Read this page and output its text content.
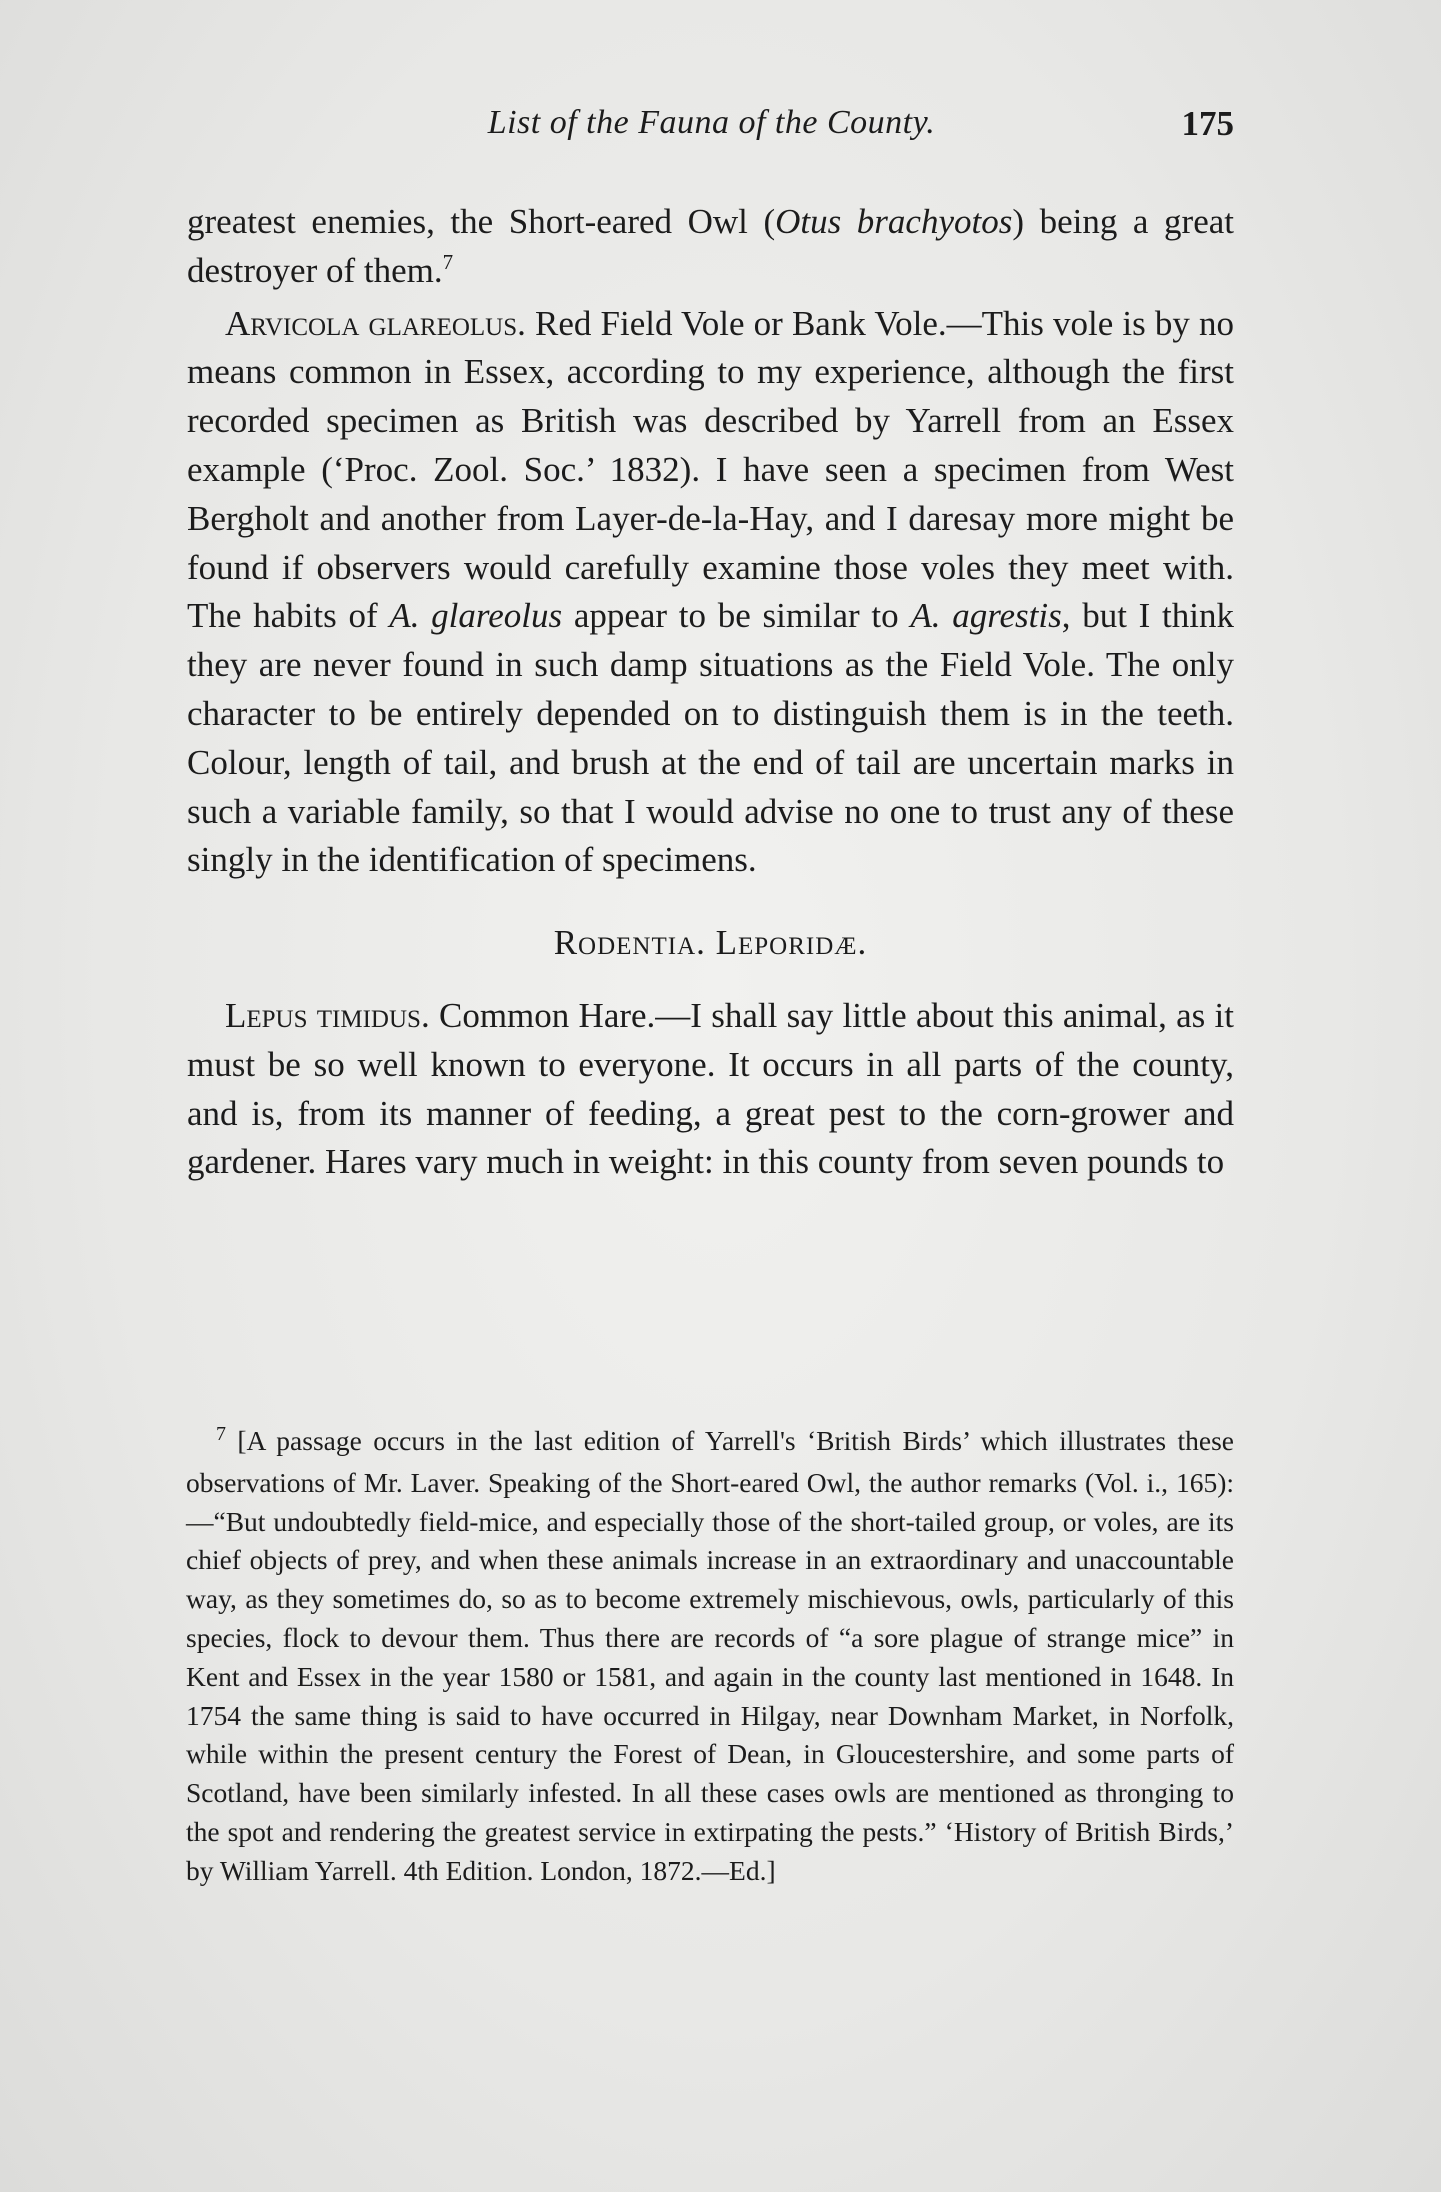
List of the Fauna of the County.	175

greatest enemies, the Short-eared Owl (Otus brachyotos) being a great destroyer of them.$^7$

Arvicola glareolus. Red Field Vole or Bank Vole.—This vole is by no means common in Essex, according to my experience, although the first recorded specimen as British was described by Yarrell from an Essex example (‘Proc. Zool. Soc.’ 1832). I have seen a specimen from West Bergholt and another from Layer-de-la-Hay, and I daresay more might be found if observers would carefully examine those voles they meet with. The habits of A. glareolus appear to be similar to A. agrestis, but I think they are never found in such damp situations as the Field Vole. The only character to be entirely depended on to distinguish them is in the teeth. Colour, length of tail, and brush at the end of tail are uncertain marks in such a variable family, so that I would advise no one to trust any of these singly in the identification of specimens.

Rodentia. Leporidæ.

Lepus timidus. Common Hare.—I shall say little about this animal, as it must be so well known to everyone. It occurs in all parts of the county, and is, from its manner of feeding, a great pest to the corn-grower and gardener. Hares vary much in weight: in this county from seven pounds to

$^7$ [A passage occurs in the last edition of Yarrell's ‘British Birds’ which illustrates these observations of Mr. Laver. Speaking of the Short-eared Owl, the author remarks (Vol. i., 165):—“But undoubtedly field-mice, and especially those of the short-tailed group, or voles, are its chief objects of prey, and when these animals increase in an extraordinary and unaccountable way, as they sometimes do, so as to become extremely mischievous, owls, particularly of this species, flock to devour them. Thus there are records of “a sore plague of strange mice” in Kent and Essex in the year 1580 or 1581, and again in the county last mentioned in 1648. In 1754 the same thing is said to have occurred in Hilgay, near Downham Market, in Norfolk, while within the present century the Forest of Dean, in Gloucestershire, and some parts of Scotland, have been similarly infested. In all these cases owls are mentioned as thronging to the spot and rendering the greatest service in extirpating the pests.” ‘History of British Birds,’ by William Yarrell. 4th Edition. London, 1872.—Ed.]
